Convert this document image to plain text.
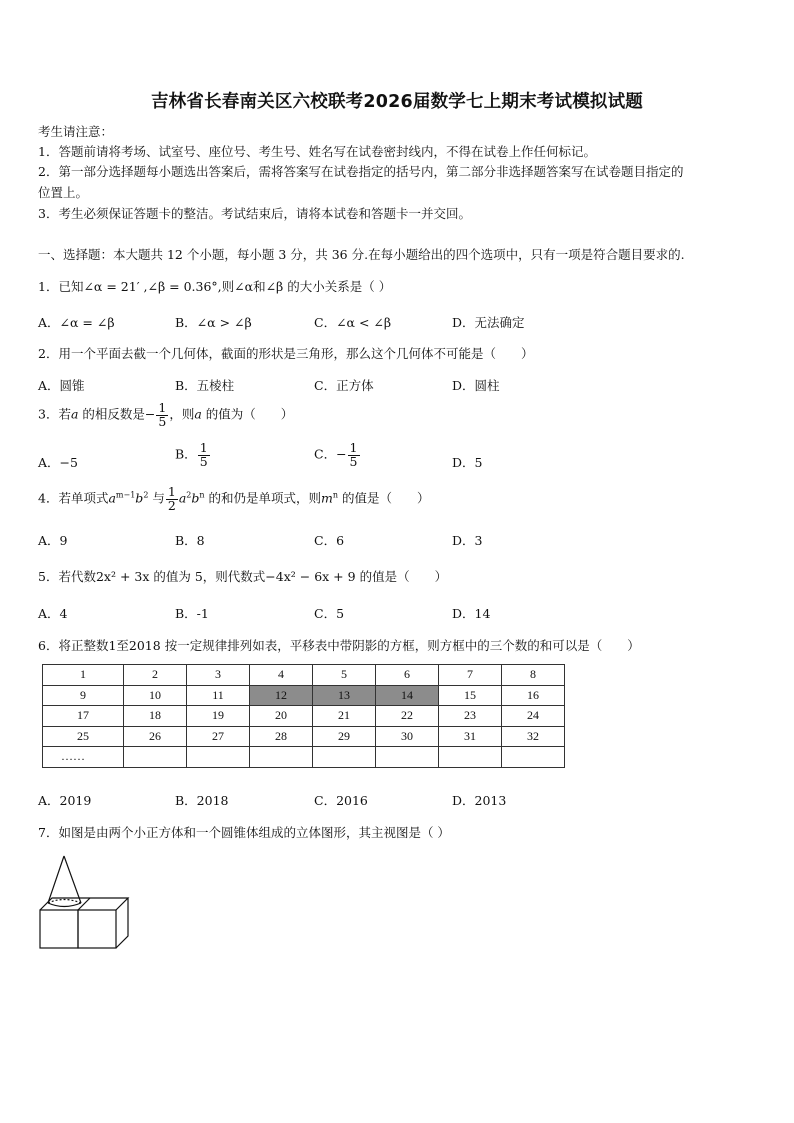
吉林省长春南关区六校联考2026届数学七上期末考试模拟试题
考生请注意：
1．答题前请将考场、试室号、座位号、考生号、姓名写在试卷密封线内，不得在试卷上作任何标记。
2．第一部分选择题每小题选出答案后，需将答案写在试卷指定的括号内，第二部分非选择题答案写在试卷题目指定的
位置上。
3．考生必须保证答题卡的整洁。考试结束后，请将本试卷和答题卡一并交回。
一、选择题：本大题共 12 个小题，每小题 3 分，共 36 分.在每小题给出的四个选项中，只有一项是符合题目要求的.
1．已知∠α = 21′ ,∠β = 0.36°,则∠α和∠β 的大小关系是（ ）
A．∠α = ∠β	B．∠α > ∠β	C．∠α < ∠β	D．无法确定
2．用一个平面去截一个几何体，截面的形状是三角形，那么这个几何体不可能是（　　）
A．圆锥	B．五棱柱	C．正方体	D．圆柱
3．若a 的相反数是− $\frac{1}{5}$ ，则a 的值为（　　）
A．−5
B． $\frac{1}{5}$	C．− $\frac{1}{5}$	D．5
4．若单项式$a^{m-1}b^2$ 与 $\frac{1}{2} a^2b^n$ 的和仍是单项式，则$m^n$ 的值是（　　）
A．9	B．8	C．6	D．3
5．若代数2x² + 3x 的值为 5，则代数式−4x² − 6x + 9 的值是（　　）
A．4	B．-1	C．5	D．14
6．将正整数1至2018 按一定规律排列如表，平移表中带阴影的方框，则方框中的三个数的和可以是（　　）
1	2	3	4	5	6	7	8
9	10	11	12	13	14	15	16
17	18	19	20	21	22	23	24
25	26	27	28	29	30	31	32
……							
A．2019	B．2018	C．2016	D．2013
7．如图是由两个小正方体和一个圆锥体组成的立体图形，其主视图是（ ）
